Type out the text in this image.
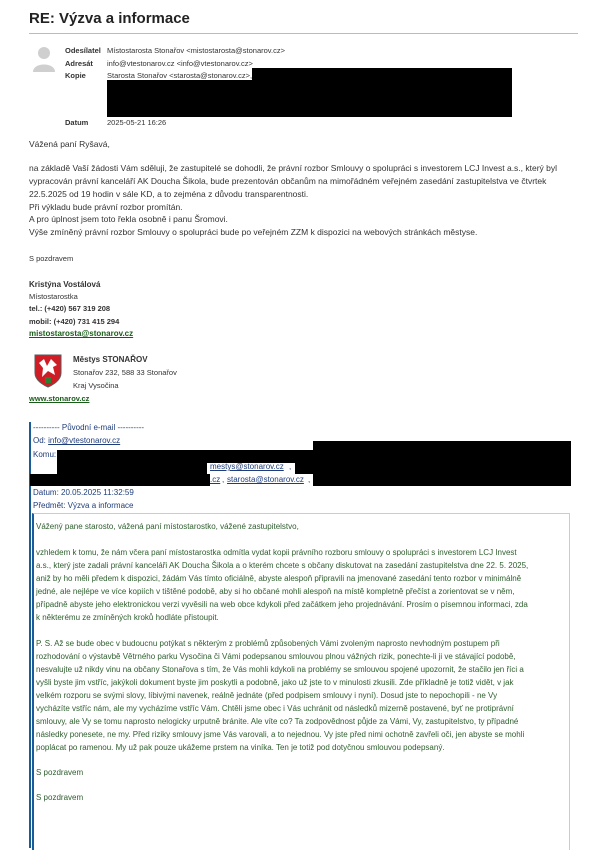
RE: Výzva a informace
Odesílatel Místostarosta Stonařov <mistostarosta@stonarov.cz>
Adresát info@vtestonarov.cz <info@vtestonarov.cz>
Kopie	Starosta Stonařov <starosta@stonarov.cz>,
Datum 2025-05-21 16:26
Vážená paní Ryšavá,
na základě Vaší žádosti Vám sděluji, že zastupitelé se dohodli, že právní rozbor Smlouvy o spolupráci s investorem LCJ Invest a.s., který byl
vypracován právní kanceláří AK Doucha Šikola, bude prezentován občanům na mimořádném veřejném zasedání zastupitelstva ve čtvrtek
22.5.2025 od 19 hodin v sále KD, a to zejména z důvodu transparentnosti.
Při výkladu bude právní rozbor promítán.
A pro úplnost jsem toto řekla osobně i panu Šromovi.
Výše zmíněný právní rozbor Smlouvy o spolupráci bude po veřejném ZZM k dispozici na webových stránkách městyse.
S pozdravem
Kristýna Vostálová
Místostarostka
tel.: (+420) 567 319 208
mobil: (+420) 731 415 294
mistostarosta@stonarov.cz
Městys STONAŘOV
Stonařov 232, 588 33 Stonařov
Kraj Vysočina
www.stonarov.cz
---------- Původní e-mail ----------
Od: info@vtestonarov.cz
Komu:
mestys@stonarov.cz ,
.cz , starosta@stonarov.cz ,
Datum: 20.05.2025 11:32:59
Předmět: Výzva a informace
Vážený pane starosto, vážená paní místostarostko, vážené zastupitelstvo,
vzhledem k tomu, že nám včera paní místostarostka odmítla vydat kopii právního rozboru smlouvy o spolupráci s investorem LCJ Invest
a.s., který jste zadali právní kanceláři AK Doucha Šikola a o kterém chcete s občany diskutovat na zasedání zastupitelstva dne 22. 5. 2025,
aniž by ho měli předem k dispozici, žádám Vás tímto oficiálně, abyste alespoň připravili na jmenované zasedání tento rozbor v minimálně
jedné, ale nejlépe ve více kopiích v tištěné podobě, aby si ho občané mohli alespoň na místě kompletně přečíst a zorientovat se v něm,
případně abyste jeho elektronickou verzi vyvěsili na web obce kdykoli před začátkem jeho projednávání. Prosím o písemnou informaci, zda
k některému ze zmíněných kroků hodláte přistoupit.
P. S. Až se bude obec v budoucnu potýkat s některým z problémů způsobených Vámi zvoleným naprosto nevhodným postupem při
rozhodování o výstavbě Větrného parku Vysočina či Vámi podepsanou smlouvou plnou vážných rizik, ponechte-li ji ve stávající podobě,
nesvalujte už nikdy vinu na občany Stonařova s tím, že Vás mohli kdykoli na problémy se smlouvou spojené upozornit, že stačilo jen říci a
vyšli byste jim vstříc, jakýkoli dokument byste jim poskytli a podobně, jako už jste to v minulosti zkusili. Zde příkladně je totiž vidět, v jak
velkém rozporu se svými slovy, líbivými navenek, reálně jednáte (před podpisem smlouvy i nyní). Dosud jste to nepochopili - ne Vy
vycházíte vstříc nám, ale my vycházíme vstříc Vám. Chtěli jsme obec i Vás uchránit od následků mizerně postavené, byť ne protiprávní
smlouvy, ale Vy se tomu naprosto nelogicky urputně bránite. Ale víte co? Ta zodpovědnost půjde za Vámi, Vy, zastupitelstvo, ty případné
následky ponesete, ne my. Před riziky smlouvy jsme Vás varovali, a to nejednou. Vy jste před nimi ochotně zavřeli oči, jen abyste se mohli
poplácat po ramenou. My už pak pouze ukážeme prstem na viníka. Ten je totiž pod dotyčnou smlouvou podepsaný.
S pozdravem
S pozdravem
